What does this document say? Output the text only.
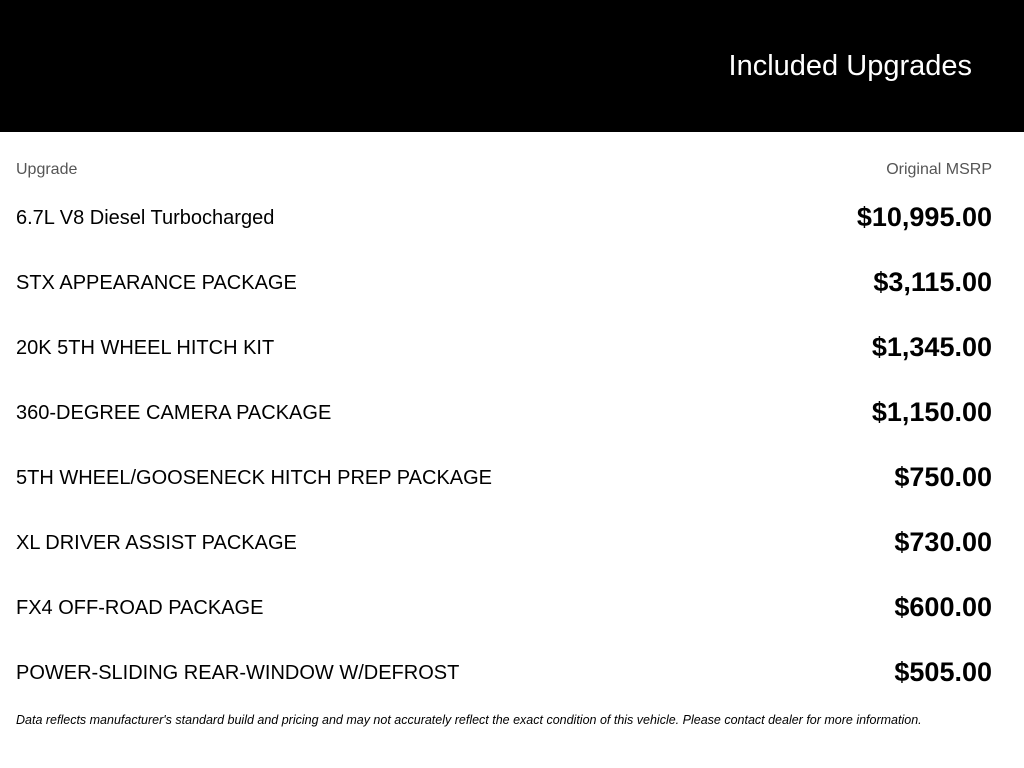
Included Upgrades
Upgrade	Original MSRP
6.7L V8 Diesel Turbocharged	$10,995.00
STX APPEARANCE PACKAGE	$3,115.00
20K 5TH WHEEL HITCH KIT	$1,345.00
360-DEGREE CAMERA PACKAGE	$1,150.00
5TH WHEEL/GOOSENECK HITCH PREP PACKAGE	$750.00
XL DRIVER ASSIST PACKAGE	$730.00
FX4 OFF-ROAD PACKAGE	$600.00
POWER-SLIDING REAR-WINDOW W/DEFROST	$505.00
Data reflects manufacturer's standard build and pricing and may not accurately reflect the exact condition of this vehicle. Please contact dealer for more information.
